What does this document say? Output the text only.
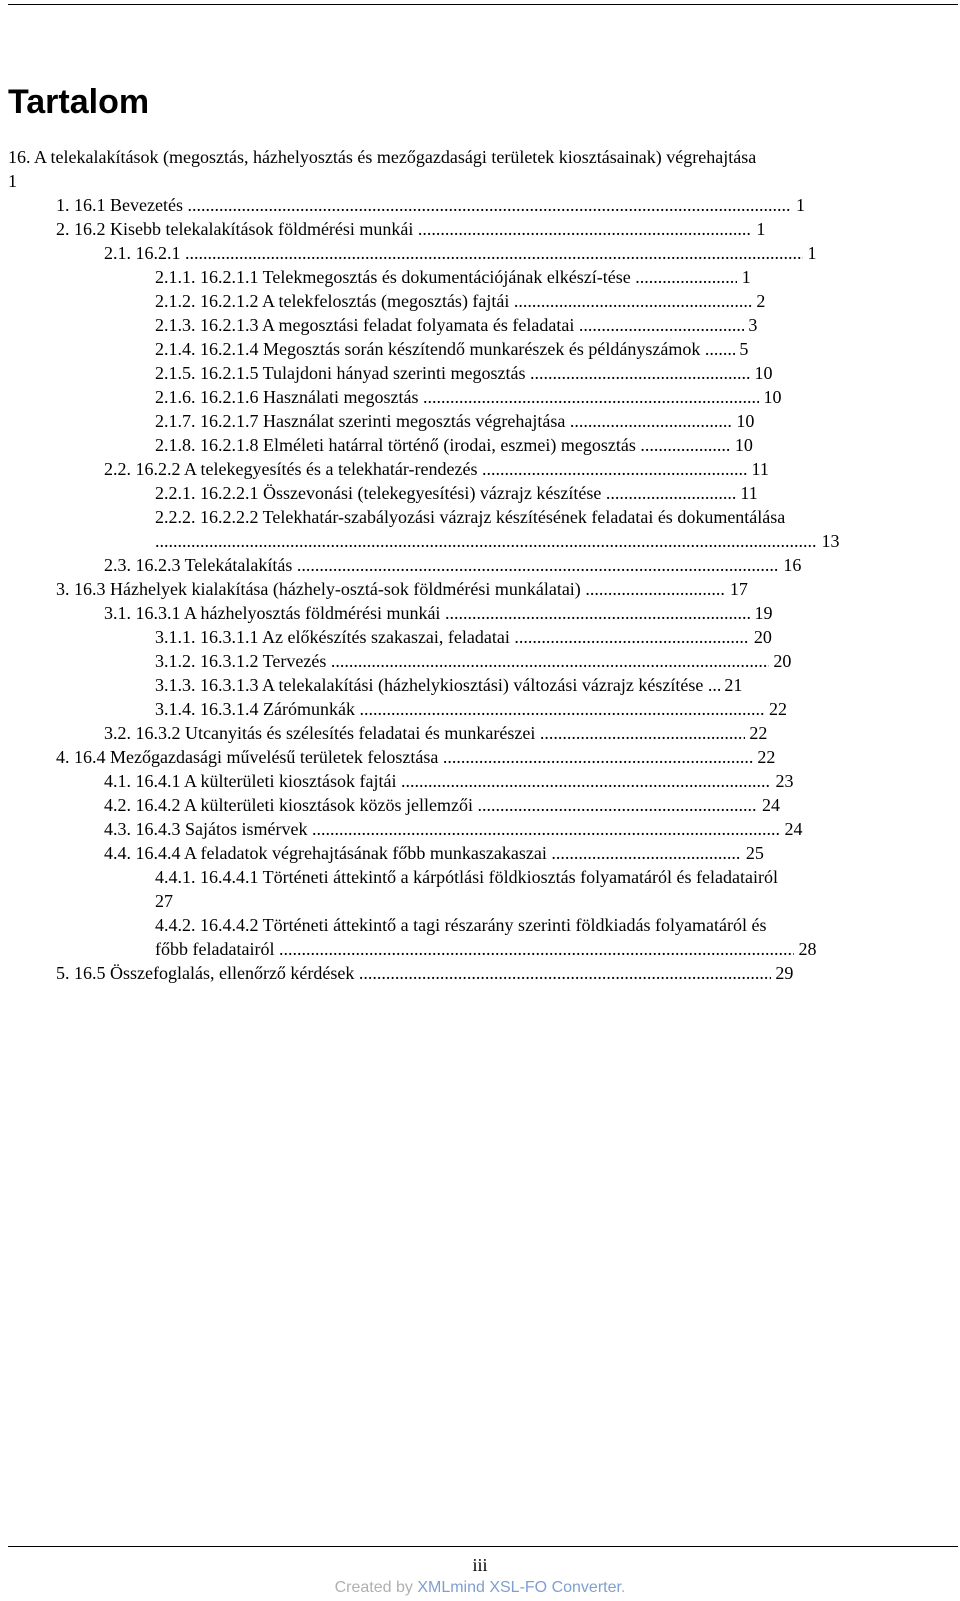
Tartalom
16. A telekalakítások (megosztás, házhelyosztás és mezőgazdasági területek kiosztásainak) végrehajtása
1
1. 16.1 Bevezetés .....	1
2. 16.2 Kisebb telekalakítások földmérési munkái .....	1
2.1. 16.2.1 .....	1
2.1.1. 16.2.1.1 Telekmegosztás és dokumentációjának elkészí-tése .....	1
2.1.2. 16.2.1.2 A telekfelosztás (megosztás) fajtái .....	2
2.1.3. 16.2.1.3 A megosztási feladat folyamata és feladatai .....	3
2.1.4. 16.2.1.4 Megosztás során készítendő munkarészek és példányszámok ..... 5
2.1.5. 16.2.1.5 Tulajdoni hányad szerinti megosztás .....	10
2.1.6. 16.2.1.6 Használati megosztás .....	10
2.1.7. 16.2.1.7 Használat szerinti megosztás végrehajtása .....	10
2.1.8. 16.2.1.8 Elméleti határral történő (irodai, eszmei) megosztás .....	10
2.2. 16.2.2 A telekegyesítés és a telekhatár-rendezés .....	11
2.2.1. 16.2.2.1 Összevonási (telekegyesítési) vázrajz készítése .....	11
2.2.2. 16.2.2.2 Telekhatár-szabályozási vázrajz készítésének feladatai és dokumentálása
..... 13
2.3. 16.2.3 Telekátalakítás .....	16
3. 16.3 Házhelyek kialakítása (házhely-osztá-sok földmérési munkálatai) .....	17
3.1. 16.3.1 A házhelyosztás földmérési munkái .....	19
3.1.1. 16.3.1.1 Az előkészítés szakaszai, feladatai .....	20
3.1.2. 16.3.1.2 Tervezés .....	20
3.1.3. 16.3.1.3 A telekalakítási (házhelykiosztási) változási vázrajz készítése ..... 21
3.1.4. 16.3.1.4 Zárómunkák .....	22
3.2. 16.3.2 Utcanyitás és szélesítés feladatai és munkarészei .....	22
4. 16.4 Mezőgazdasági művelésű területek felosztása .....	22
4.1. 16.4.1 A külterületi kiosztások fajtái .....	23
4.2. 16.4.2 A külterületi kiosztások közös jellemzői .....	24
4.3. 16.4.3 Sajátos ismérvek .....	24
4.4. 16.4.4 A feladatok végrehajtásának főbb munkaszakaszai .....	25
4.4.1. 16.4.4.1 Történeti áttekintő a kárpótlási földkiosztás folyamatáról és feladatairól
27
4.4.2. 16.4.4.2 Történeti áttekintő a tagi részarány szerinti földkiadás folyamatáról és
főbb feladatairól .....	28
5. 16.5 Összefoglalás, ellenőrző kérdések .....	29
iii
Created by XMLmind XSL-FO Converter.
